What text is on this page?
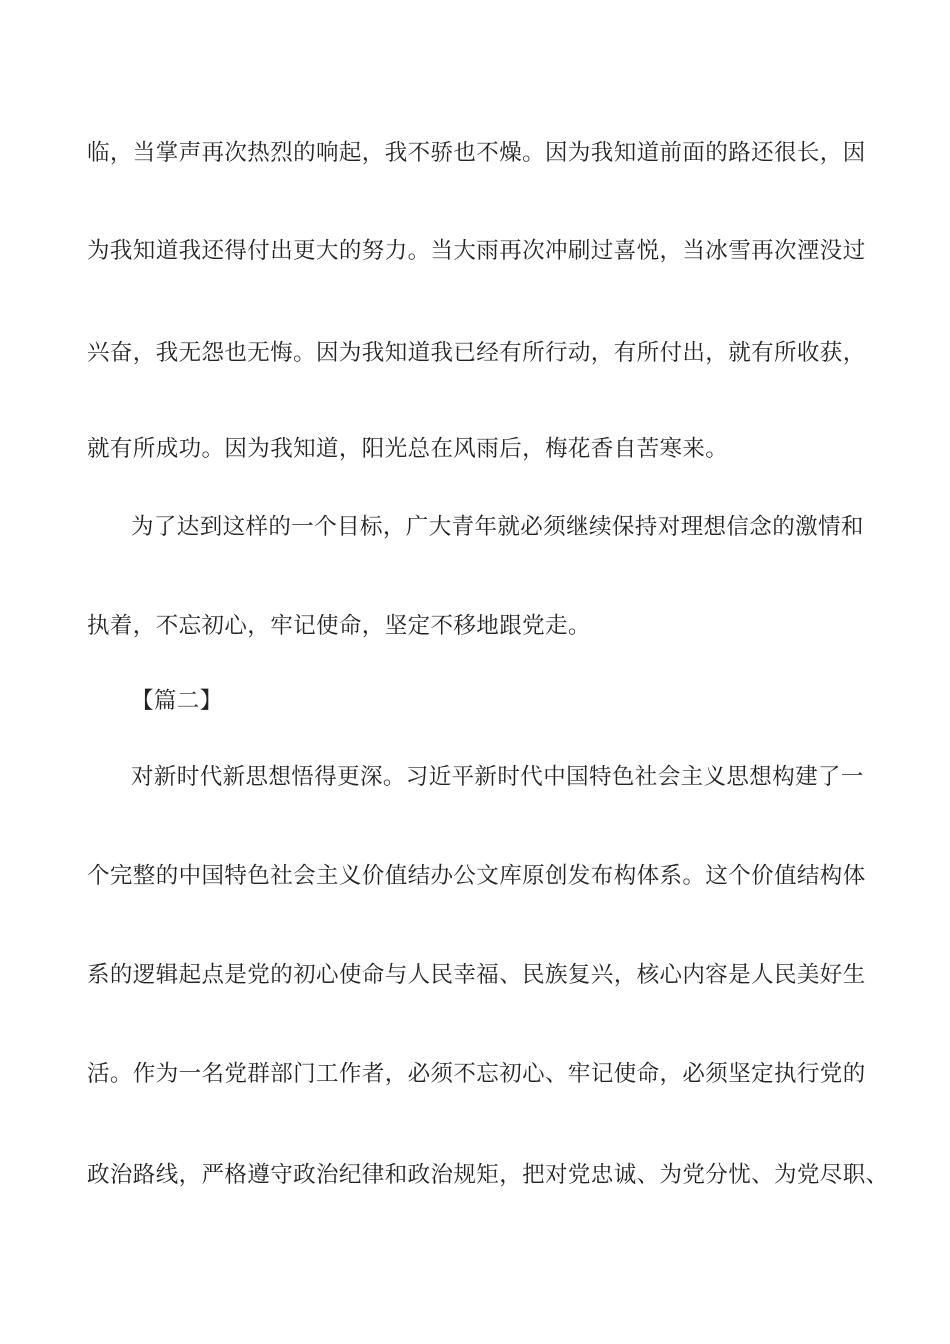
临，当掌声再次热烈的响起，我不骄也不燥。因为我知道前面的路还很长，因
为我知道我还得付出更大的努力。当大雨再次冲刷过喜悦，当冰雪再次湮没过
兴奋，我无怨也无悔。因为我知道我已经有所行动，有所付出，就有所收获，
就有所成功。因为我知道，阳光总在风雨后，梅花香自苦寒来。
为了达到这样的一个目标，广大青年就必须继续保持对理想信念的激情和
执着，不忘初心，牢记使命，坚定不移地跟党走。
【篇二】
对新时代新思想悟得更深。习近平新时代中国特色社会主义思想构建了一
个完整的中国特色社会主义价值结办公文库原创发布构体系。这个价值结构体
系的逻辑起点是党的初心使命与人民幸福、民族复兴，核心内容是人民美好生
活。作为一名党群部门工作者，必须不忘初心、牢记使命，必须坚定执行党的
政治路线，严格遵守政治纪律和政治规矩，把对党忠诚、为党分忧、为党尽职、
